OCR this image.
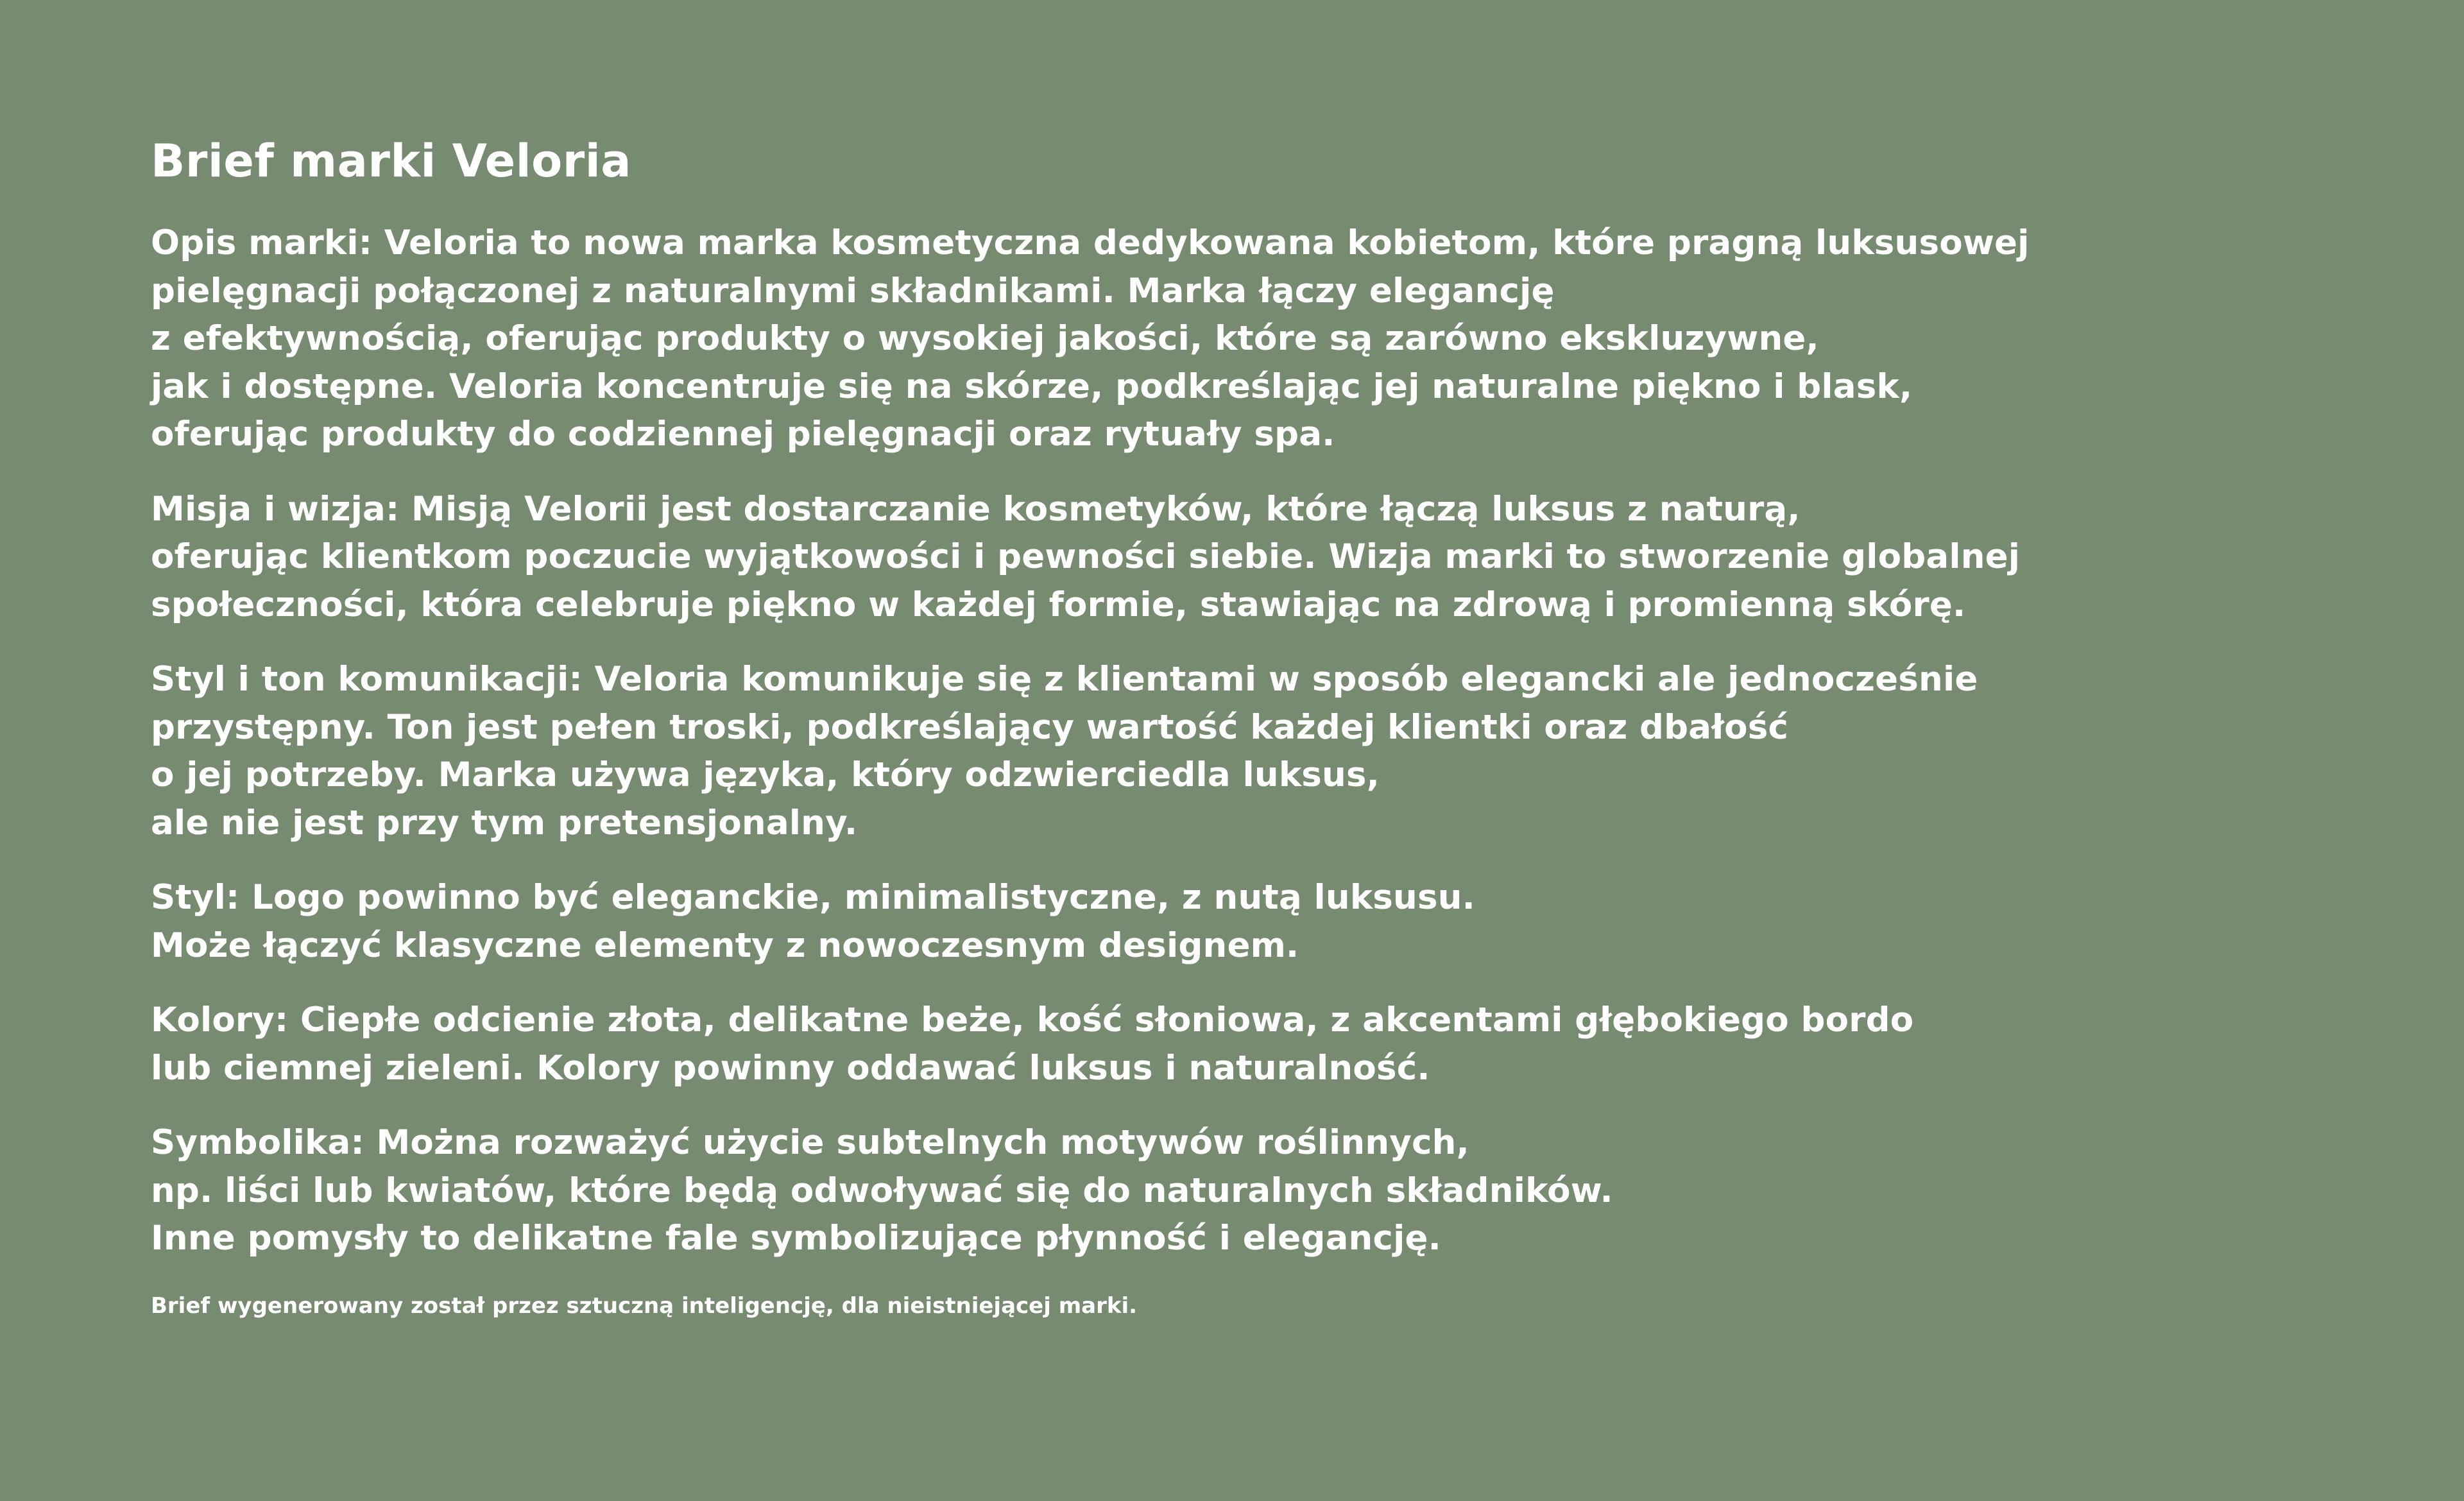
Brief marki Veloria
Opis marki: Veloria to nowa marka kosmetyczna dedykowana kobietom, które pragną luksusowej
pielęgnacji połączonej z naturalnymi składnikami. Marka łączy elegancję
z efektywnością, oferując produkty o wysokiej jakości, które są zarówno ekskluzywne,
jak i dostępne. Veloria koncentruje się na skórze, podkreślając jej naturalne piękno i blask,
oferując produkty do codziennej pielęgnacji oraz rytuały spa.
Misja i wizja: Misją Velorii jest dostarczanie kosmetyków, które łączą luksus z naturą,
oferując klientkom poczucie wyjątkowości i pewności siebie. Wizja marki to stworzenie globalnej
społeczności, która celebruje piękno w każdej formie, stawiając na zdrową i promienną skórę.
Styl i ton komunikacji: Veloria komunikuje się z klientami w sposób elegancki ale jednocześnie
przystępny. Ton jest pełen troski, podkreślający wartość każdej klientki oraz dbałość
o jej potrzeby. Marka używa języka, który odzwierciedla luksus,
ale nie jest przy tym pretensjonalny.
Styl: Logo powinno być eleganckie, minimalistyczne, z nutą luksusu.
Może łączyć klasyczne elementy z nowoczesnym designem.
Kolory: Ciepłe odcienie złota, delikatne beże, kość słoniowa, z akcentami głębokiego bordo
lub ciemnej zieleni. Kolory powinny oddawać luksus i naturalność.
Symbolika: Można rozważyć użycie subtelnych motywów roślinnych,
np. liści lub kwiatów, które będą odwoływać się do naturalnych składników.
Inne pomysły to delikatne fale symbolizujące płynność i elegancję.
Brief wygenerowany został przez sztuczną inteligencję, dla nieistniejącej marki.
